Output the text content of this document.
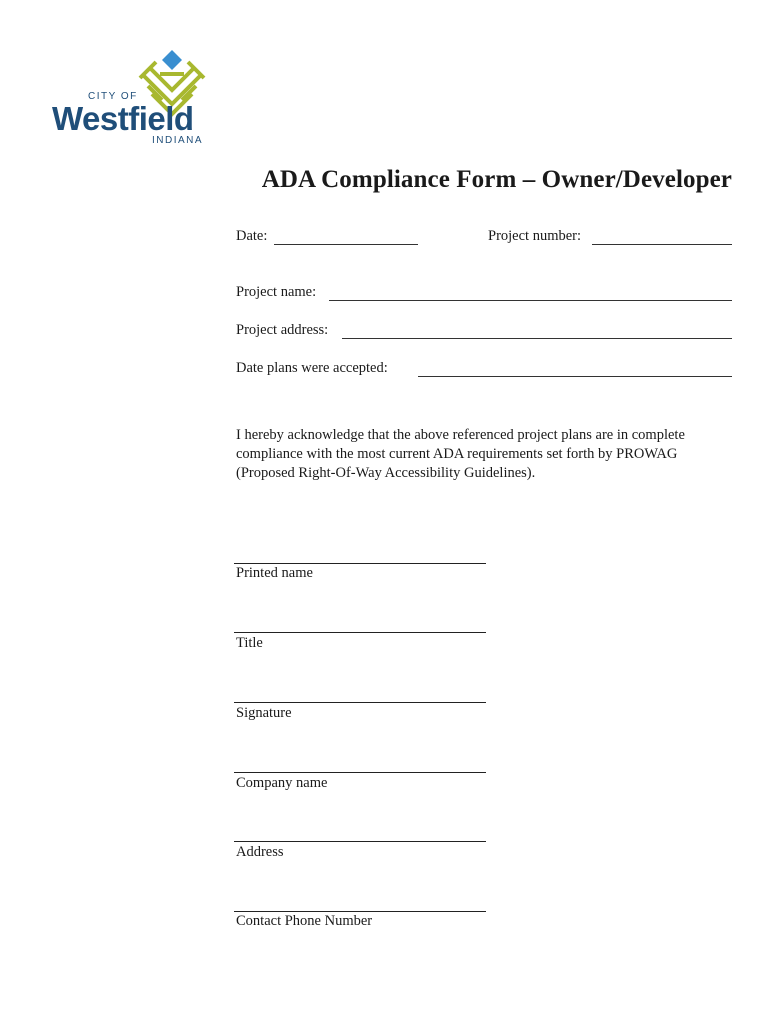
CITY OF
Westfield
INDIANA
ADA Compliance Form – Owner/Developer
Date:	Project number:
Project name:
Project address:
Date plans were accepted:

I hereby acknowledge that the above referenced project plans are in complete compliance with the most current ADA requirements set forth by PROWAG (Proposed Right-Of-Way Accessibility Guidelines).

Printed name
Title
Signature
Company name
Address
Contact Phone Number
